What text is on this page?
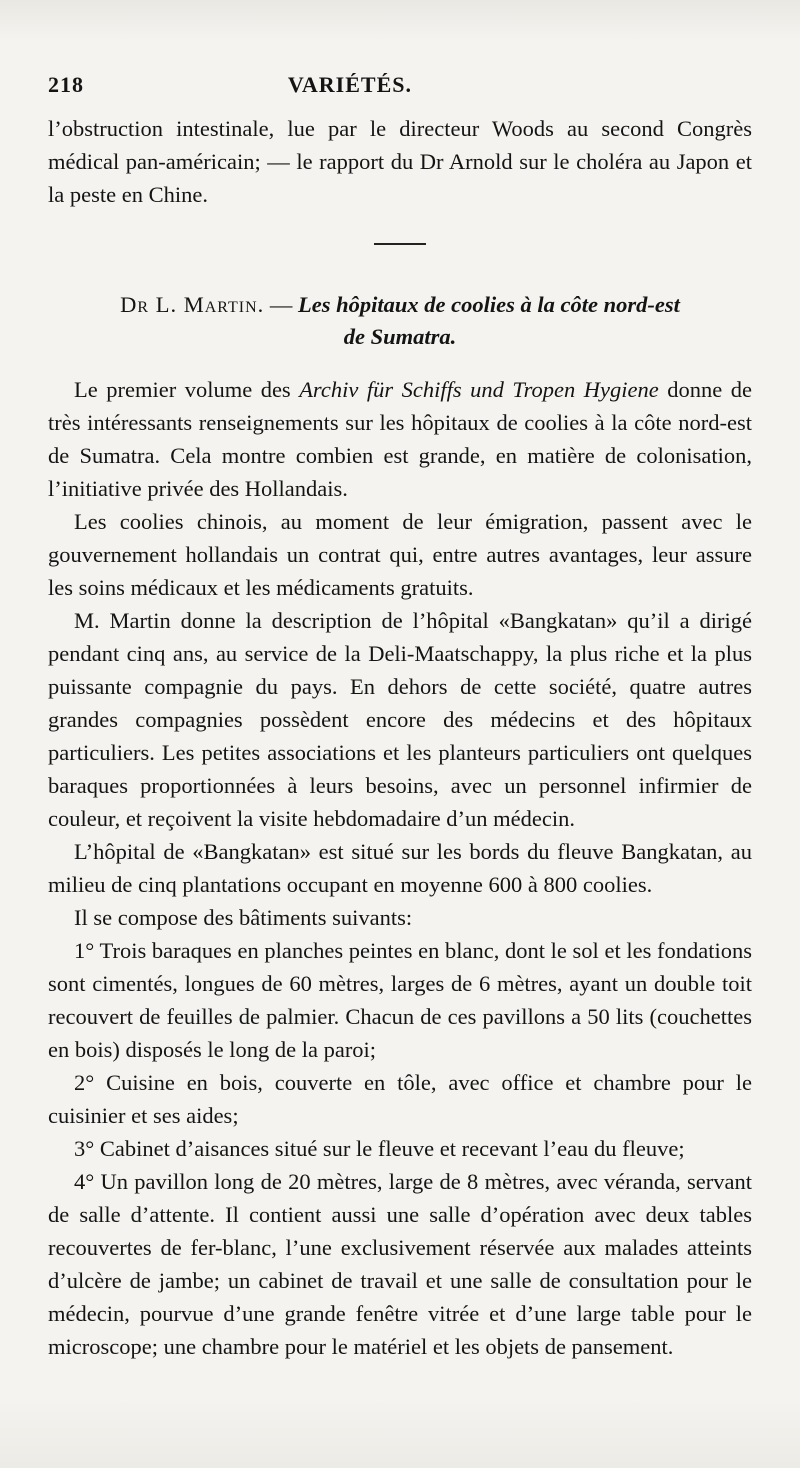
218	VARIÉTÉS.

l’obstruction intestinale, lue par le directeur Woods au second Congrès médical pan-américain; — le rapport du Dr Arnold sur le choléra au Japon et la peste en Chine.

Dr L. Martin. — Les hôpitaux de coolies à la côte nord-est
de Sumatra.

Le premier volume des Archiv für Schiffs und Tropen Hygiene donne de très intéressants renseignements sur les hôpitaux de coolies à la côte nord-est de Sumatra. Cela montre combien est grande, en matière de colonisation, l’initiative privée des Hollandais.

Les coolies chinois, au moment de leur émigration, passent avec le gouvernement hollandais un contrat qui, entre autres avantages, leur assure les soins médicaux et les médicaments gratuits.

M. Martin donne la description de l’hôpital «Bangkatan» qu’il a dirigé pendant cinq ans, au service de la Deli-Maatschappy, la plus riche et la plus puissante compagnie du pays. En dehors de cette société, quatre autres grandes compagnies possèdent encore des médecins et des hôpitaux particuliers. Les petites associations et les planteurs particuliers ont quelques baraques proportionnées à leurs besoins, avec un personnel infirmier de couleur, et reçoivent la visite hebdomadaire d’un médecin.

L’hôpital de «Bangkatan» est situé sur les bords du fleuve Bangkatan, au milieu de cinq plantations occupant en moyenne 600 à 800 coolies.

Il se compose des bâtiments suivants:

1° Trois baraques en planches peintes en blanc, dont le sol et les fondations sont cimentés, longues de 60 mètres, larges de 6 mètres, ayant un double toit recouvert de feuilles de palmier. Chacun de ces pavillons a 50 lits (couchettes en bois) disposés le long de la paroi;

2° Cuisine en bois, couverte en tôle, avec office et chambre pour le cuisinier et ses aides;

3° Cabinet d’aisances situé sur le fleuve et recevant l’eau du fleuve;

4° Un pavillon long de 20 mètres, large de 8 mètres, avec véranda, servant de salle d’attente. Il contient aussi une salle d’opération avec deux tables recouvertes de fer-blanc, l’une exclusivement réservée aux malades atteints d’ulcère de jambe; un cabinet de travail et une salle de consultation pour le médecin, pourvue d’une grande fenêtre vitrée et d’une large table pour le microscope; une chambre pour le matériel et les objets de pansement.
